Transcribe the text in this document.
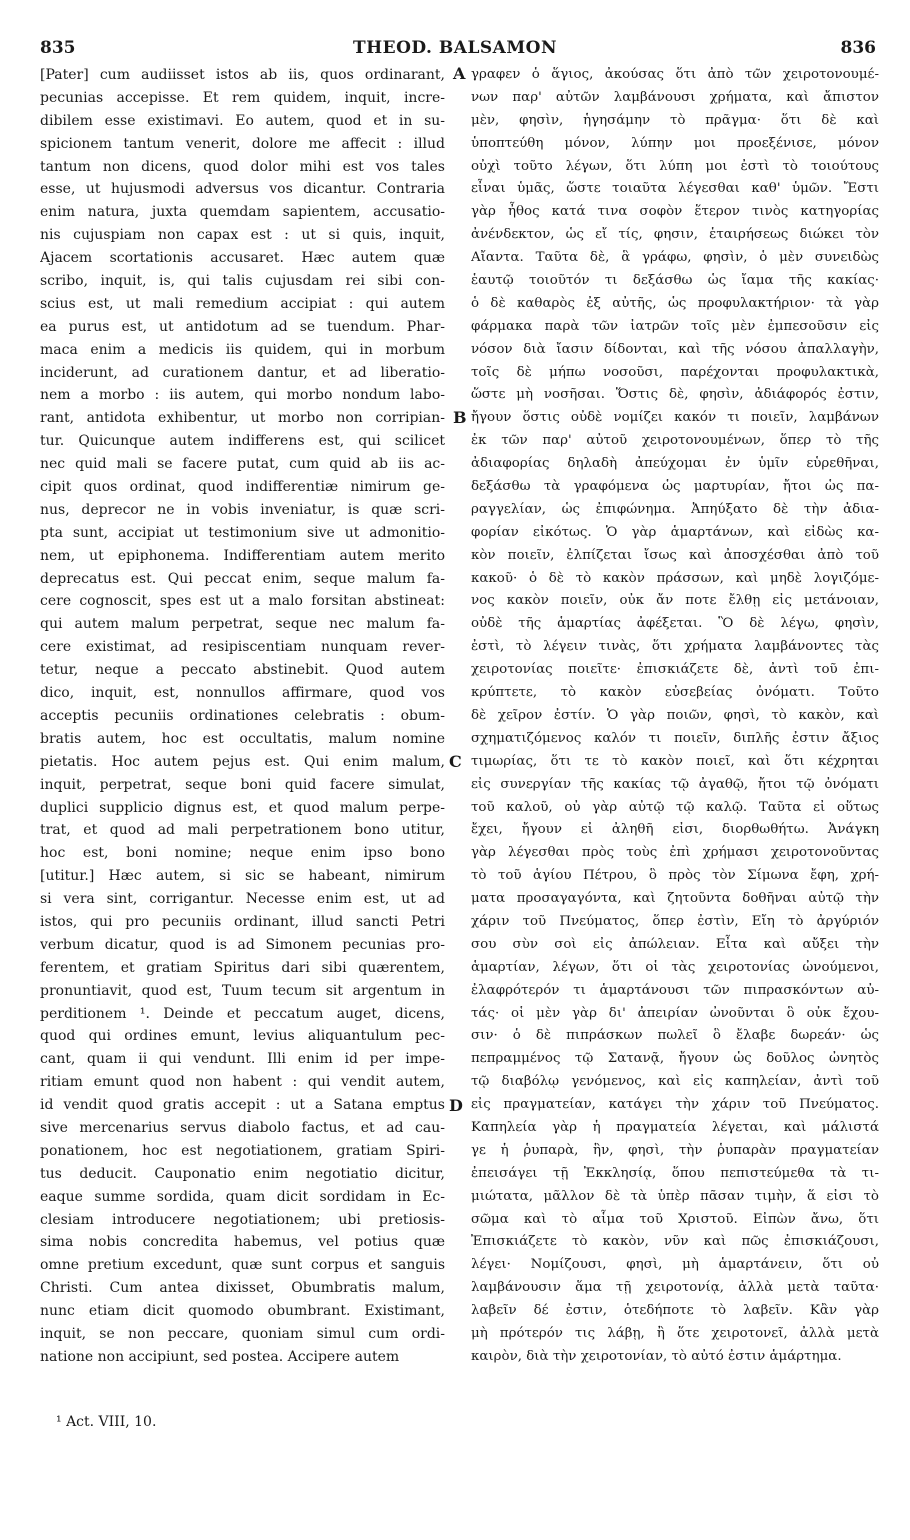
835	THEOD. BALSAMON	836
[Pater] cum audiisset istos ab iis, quos ordinarant,
pecunias accepisse. Et rem quidem, inquit, incre-
dibilem esse existimavi. Eo autem, quod et in su-
spicionem tantum venerit, dolore me affecit : illud
tantum non dicens, quod dolor mihi est vos tales
esse, ut hujusmodi adversus vos dicantur. Contraria
enim natura, juxta quemdam sapientem, accusatio-
nis cujuspiam non capax est : ut si quis, inquit,
Ajacem scortationis accusaret. Hæc autem quæ
scribo, inquit, is, qui talis cujusdam rei sibi con-
scius est, ut mali remedium accipiat : qui autem
ea purus est, ut antidotum ad se tuendum. Phar-
maca enim a medicis iis quidem, qui in morbum
inciderunt, ad curationem dantur, et ad liberatio-
nem a morbo : iis autem, qui morbo nondum labo-
rant, antidota exhibentur, ut morbo non corripian-
tur. Quicunque autem indifferens est, qui scilicet
nec quid mali se facere putat, cum quid ab iis ac-
cipit quos ordinat, quod indifferentiæ nimirum ge-
nus, deprecor ne in vobis inveniatur, is quæ scri-
pta sunt, accipiat ut testimonium sive ut admonitio-
nem, ut epiphonema. Indifferentiam autem merito
deprecatus est. Qui peccat enim, seque malum fa-
cere cognoscit, spes est ut a malo forsitan abstineat:
qui autem malum perpetrat, seque nec malum fa-
cere existimat, ad resipiscentiam nunquam rever-
tetur, neque a peccato abstinebit. Quod autem
dico, inquit, est, nonnullos affirmare, quod vos
acceptis pecuniis ordinationes celebratis : obum-
bratis autem, hoc est occultatis, malum nomine
pietatis. Hoc autem pejus est. Qui enim malum,
inquit, perpetrat, seque boni quid facere simulat,
duplici supplicio dignus est, et quod malum perpe-
trat, et quod ad mali perpetrationem bono utitur,
hoc est, boni nomine; neque enim ipso bono
[utitur.] Hæc autem, si sic se habeant, nimirum
si vera sint, corrigantur. Necesse enim est, ut ad
istos, qui pro pecuniis ordinant, illud sancti Petri
verbum dicatur, quod is ad Simonem pecunias pro-
ferentem, et gratiam Spiritus dari sibi quærentem,
pronuntiavit, quod est, Tuum tecum sit argentum in
perditionem ¹. Deinde et peccatum auget, dicens,
quod qui ordines emunt, levius aliquantulum pec-
cant, quam ii qui vendunt. Illi enim id per impe-
ritiam emunt quod non habent : qui vendit autem,
id vendit quod gratis accepit : ut a Satana emptus
sive mercenarius servus diabolo factus, et ad cau-
ponationem, hoc est negotiationem, gratiam Spiri-
tus deducit. Cauponatio enim negotiatio dicitur,
eaque summe sordida, quam dicit sordidam in Ec-
clesiam introducere negotiationem; ubi pretiosis-
sima nobis concredita habemus, vel potius quæ
omne pretium excedunt, quæ sunt corpus et sanguis
Christi. Cum antea dixisset, Obumbratis malum,
nunc etiam dicit quomodo obumbrant. Existimant,
inquit, se non peccare, quoniam simul cum ordi-
natione non accipiunt, sed postea. Accipere autem
γραφεν ὁ ἅγιος, ἀκούσας ὅτι ἀπὸ τῶν χειροτονουμέ-
νων παρ' αὐτῶν λαμβάνουσι χρήματα, καὶ ἄπιστον
μὲν, φησὶν, ἡγησάμην τὸ πρᾶγμα· ὅτι δὲ καὶ
ὑποπτεύθη μόνον, λύπην μοι προεξένισε, μόνον
οὐχὶ τοῦτο λέγων, ὅτι λύπη μοι ἐστὶ τὸ τοιούτους
εἶναι ὑμᾶς, ὥστε τοιαῦτα λέγεσθαι καθ' ὑμῶν. Ἔστι
γὰρ ἦθος κατά τινα σοφὸν ἕτερον τινὸς κατηγορίας
ἀνένδεκτον, ὡς εἴ τίς, φησιν, ἑταιρήσεως διώκει τὸν
Αἴαντα. Ταῦτα δὲ, ἃ γράφω, φησὶν, ὁ μὲν συνειδὼς
ἑαυτῷ τοιοῦτόν τι δεξάσθω ὡς ἴαμα τῆς κακίας·
ὁ δὲ καθαρὸς ἐξ αὐτῆς, ὡς προφυλακτήριον· τὰ γὰρ
φάρμακα παρὰ τῶν ἰατρῶν τοῖς μὲν ἐμπεσοῦσιν εἰς
νόσον διὰ ἴασιν δίδονται, καὶ τῆς νόσου ἀπαλλαγὴν,
τοῖς δὲ μήπω νοσοῦσι, παρέχονται προφυλακτικὰ,
ὥστε μὴ νοσῆσαι. Ὅστις δὲ, φησὶν, ἀδιάφορός ἐστιν,
ἤγουν ὅστις οὐδὲ νομίζει κακόν τι ποιεῖν, λαμβάνων
ἐκ τῶν παρ' αὐτοῦ χειροτονουμένων, ὅπερ τὸ τῆς
ἀδιαφορίας δηλαδὴ ἀπεύχομαι ἐν ὑμῖν εὑρεθῆναι,
δεξάσθω τὰ γραφόμενα ὡς μαρτυρίαν, ἤτοι ὡς πα-
ραγγελίαν, ὡς ἐπιφώνημα. Ἀπηύξατο δὲ τὴν ἀδια-
φορίαν εἰκότως. Ὁ γὰρ ἁμαρτάνων, καὶ εἰδὼς κα-
κὸν ποιεῖν, ἐλπίζεται ἴσως καὶ ἀποσχέσθαι ἀπὸ τοῦ
κακοῦ· ὁ δὲ τὸ κακὸν πράσσων, καὶ μηδὲ λογιζόμε-
νος κακὸν ποιεῖν, οὐκ ἄν ποτε ἔλθῃ εἰς μετάνοιαν,
οὐδὲ τῆς ἁμαρτίας ἀφέξεται. Ὃ δὲ λέγω, φησὶν,
ἐστὶ, τὸ λέγειν τινὰς, ὅτι χρήματα λαμβάνοντες τὰς
χειροτονίας ποιεῖτε· ἐπισκιάζετε δὲ, ἀντὶ τοῦ ἐπι-
κρύπτετε, τὸ κακὸν εὐσεβείας ὀνόματι. Τοῦτο
δὲ χεῖρον ἐστίν. Ὁ γὰρ ποιῶν, φησὶ, τὸ κακὸν, καὶ
σχηματιζόμενος καλόν τι ποιεῖν, διπλῆς ἐστιν ἄξιος
τιμωρίας, ὅτι τε τὸ κακὸν ποιεῖ, καὶ ὅτι κέχρηται
εἰς συνεργίαν τῆς κακίας τῷ ἀγαθῷ, ἤτοι τῷ ὀνόματι
τοῦ καλοῦ, οὐ γὰρ αὐτῷ τῷ καλῷ. Ταῦτα εἰ οὕτως
ἔχει, ἤγουν εἰ ἀληθῆ εἰσι, διορθωθήτω. Ἀνάγκη
γὰρ λέγεσθαι πρὸς τοὺς ἐπὶ χρήμασι χειροτονοῦντας
τὸ τοῦ ἁγίου Πέτρου, ὃ πρὸς τὸν Σίμωνα ἔφη, χρή-
ματα προσαγαγόντα, καὶ ζητοῦντα δοθῆναι αὐτῷ τὴν
χάριν τοῦ Πνεύματος, ὅπερ ἐστὶν, Εἴη τὸ ἀργύριόν
σου σὺν σοὶ εἰς ἀπώλειαν. Εἶτα καὶ αὔξει τὴν
ἁμαρτίαν, λέγων, ὅτι οἱ τὰς χειροτονίας ὠνούμενοι,
ἐλαφρότερόν τι ἁμαρτάνουσι τῶν πιπρασκόντων αὐ-
τάς· οἱ μὲν γὰρ δι' ἀπειρίαν ὠνοῦνται ὃ οὐκ ἔχου-
σιν· ὁ δὲ πιπράσκων πωλεῖ ὃ ἔλαβε δωρεάν· ὡς
πεπραμμένος τῷ Σατανᾷ, ἤγουν ὡς δοῦλος ὠνητὸς
τῷ διαβόλῳ γενόμενος, καὶ εἰς καπηλείαν, ἀντὶ τοῦ
εἰς πραγματείαν, κατάγει τὴν χάριν τοῦ Πνεύματος.
Καπηλεία γὰρ ἡ πραγματεία λέγεται, καὶ μάλιστά
γε ἡ ῥυπαρὰ, ἣν, φησὶ, τὴν ῥυπαρὰν πραγματείαν
ἐπεισάγει τῇ Ἐκκλησίᾳ, ὅπου πεπιστεύμεθα τὰ τι-
μιώτατα, μᾶλλον δὲ τὰ ὑπὲρ πᾶσαν τιμὴν, ἅ εἰσι τὸ
σῶμα καὶ τὸ αἷμα τοῦ Χριστοῦ. Εἰπὼν ἄνω, ὅτι
Ἐπισκιάζετε τὸ κακὸν, νῦν καὶ πῶς ἐπισκιάζουσι,
λέγει· Νομίζουσι, φησὶ, μὴ ἁμαρτάνειν, ὅτι οὐ
λαμβάνουσιν ἅμα τῇ χειροτονίᾳ, ἀλλὰ μετὰ ταῦτα·
λαβεῖν δέ ἐστιν, ὁτεδήποτε τὸ λαβεῖν. Κἂν γὰρ
μὴ πρότερόν τις λάβῃ, ἢ ὅτε χειροτονεῖ, ἀλλὰ μετὰ
καιρὸν, διὰ τὴν χειροτονίαν, τὸ αὐτό ἐστιν ἁμάρτημα.
A
B
C
D
¹ Act. VIII, 10.
